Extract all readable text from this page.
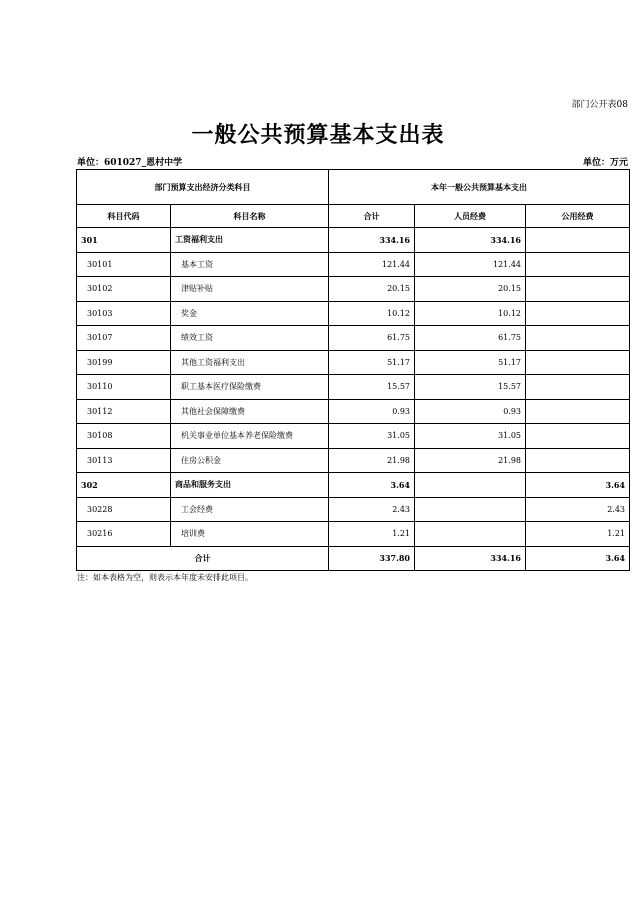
部门公开表08
一般公共预算基本支出表
单位：601027_恩村中学	单位：万元
部门预算支出经济分类科目		本年一般公共预算基本支出		
科目代码	科目名称	合计	人员经费	公用经费
301	工资福利支出	334.16	334.16	
30101	基本工资	121.44	121.44	
30102	津贴补贴	20.15	20.15	
30103	奖金	10.12	10.12	
30107	绩效工资	61.75	61.75	
30199	其他工资福利支出	51.17	51.17	
30110	职工基本医疗保险缴费	15.57	15.57	
30112	其他社会保障缴费	0.93	0.93	
30108	机关事业单位基本养老保险缴费	31.05	31.05	
30113	住房公积金	21.98	21.98	
302	商品和服务支出	3.64		3.64
30228	工会经费	2.43		2.43
30216	培训费	1.21		1.21
合计		337.80	334.16	3.64
注：如本表格为空，则表示本年度未安排此项目。
